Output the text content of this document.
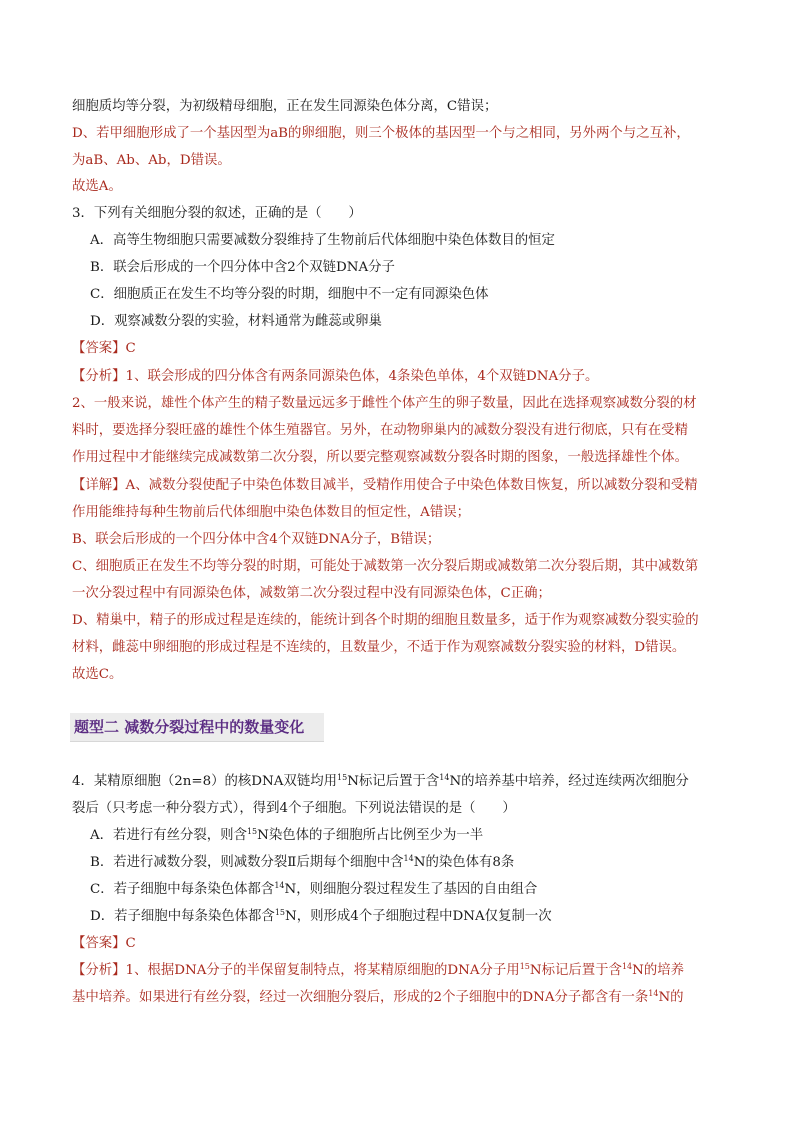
细胞质均等分裂，为初级精母细胞，正在发生同源染色体分离，C错误；
D、若甲细胞形成了一个基因型为aB的卵细胞，则三个极体的基因型一个与之相同，另外两个与之互补，
为aB、Ab、Ab，D错误。
故选A。
3．下列有关细胞分裂的叙述，正确的是（　　）
A．高等生物细胞只需要减数分裂维持了生物前后代体细胞中染色体数目的恒定
B．联会后形成的一个四分体中含2个双链DNA分子
C．细胞质正在发生不均等分裂的时期，细胞中不一定有同源染色体
D．观察减数分裂的实验，材料通常为雌蕊或卵巢
【答案】C
【分析】1、联会形成的四分体含有两条同源染色体，4条染色单体，4个双链DNA分子。
2、一般来说，雄性个体产生的精子数量远远多于雌性个体产生的卵子数量，因此在选择观察减数分裂的材
料时，要选择分裂旺盛的雄性个体生殖器官。另外，在动物卵巢内的减数分裂没有进行彻底，只有在受精
作用过程中才能继续完成减数第二次分裂，所以要完整观察减数分裂各时期的图象，一般选择雄性个体。
【详解】A、减数分裂使配子中染色体数目减半，受精作用使合子中染色体数目恢复，所以减数分裂和受精
作用能维持每种生物前后代体细胞中染色体数目的恒定性，A错误；
B、联会后形成的一个四分体中含4个双链DNA分子，B错误；
C、细胞质正在发生不均等分裂的时期，可能处于减数第一次分裂后期或减数第二次分裂后期，其中减数第
一次分裂过程中有同源染色体，减数第二次分裂过程中没有同源染色体，C正确；
D、精巢中，精子的形成过程是连续的，能统计到各个时期的细胞且数量多，适于作为观察减数分裂实验的
材料，雌蕊中卵细胞的形成过程是不连续的，且数量少，不适于作为观察减数分裂实验的材料，D错误。
故选C。
题型二 减数分裂过程中的数量变化
4．某精原细胞（2n=8）的核DNA双链均用$^{15}$N标记后置于含$^{14}$N的培养基中培养，经过连续两次细胞分
裂后（只考虑一种分裂方式），得到4个子细胞。下列说法错误的是（　　）
A．若进行有丝分裂，则含$^{15}$N染色体的子细胞所占比例至少为一半
B．若进行减数分裂，则减数分裂Ⅱ后期每个细胞中含$^{14}$N的染色体有8条
C．若子细胞中每条染色体都含$^{14}$N，则细胞分裂过程发生了基因的自由组合
D．若子细胞中每条染色体都含$^{15}$N，则形成4个子细胞过程中DNA仅复制一次
【答案】C
【分析】1、根据DNA分子的半保留复制特点，将某精原细胞的DNA分子用$^{15}$N标记后置于含$^{14}$N的培养
基中培养。如果进行有丝分裂，经过一次细胞分裂后，形成的2个子细胞中的DNA分子都含有一条$^{14}$N的
